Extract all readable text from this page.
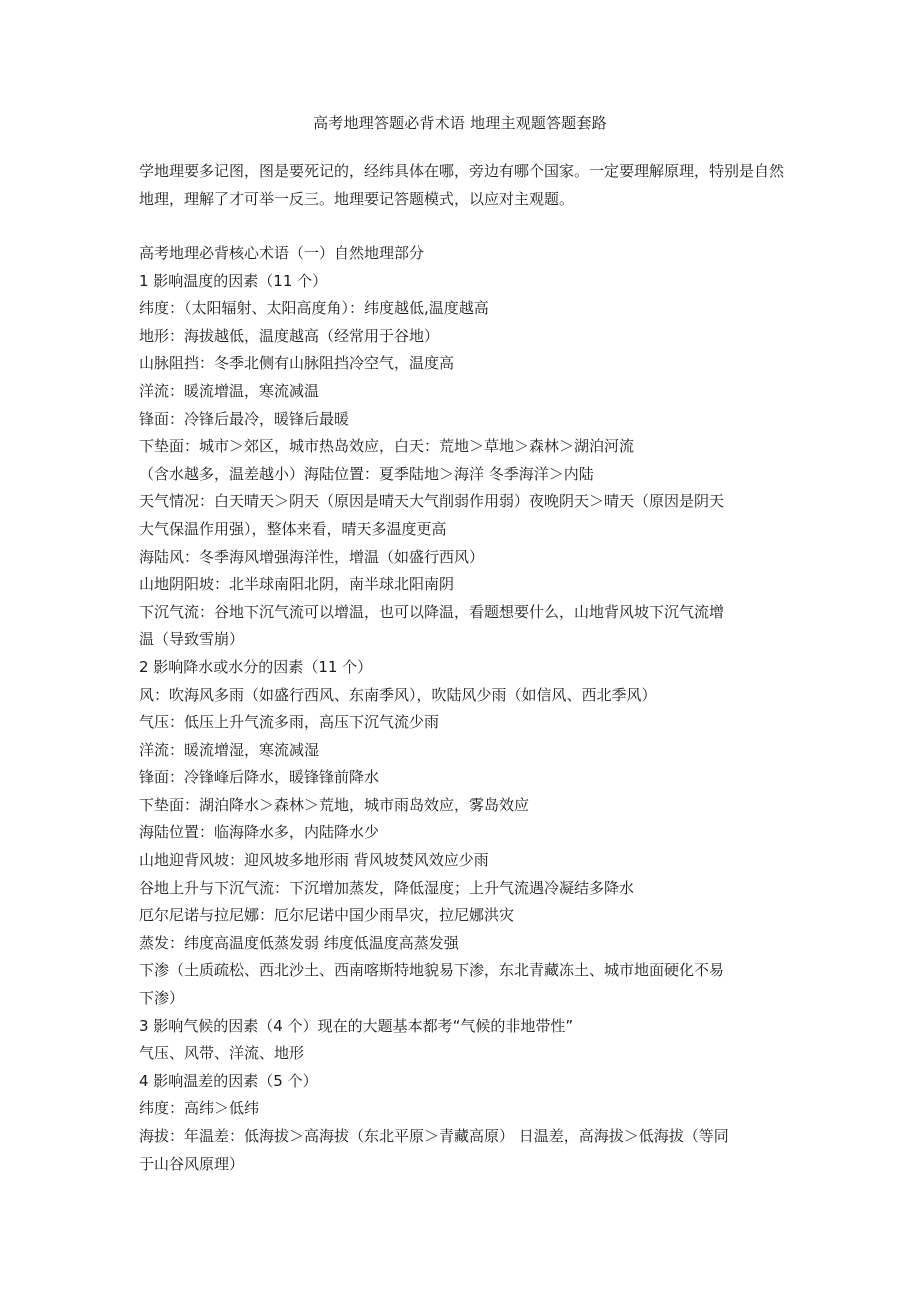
高考地理答题必背术语 地理主观题答题套路
学地理要多记图，图是要死记的，经纬具体在哪，旁边有哪个国家。一定要理解原理，特别是自然地理，理解了才可举一反三。地理要记答题模式，以应对主观题。
高考地理必背核心术语（一）自然地理部分
1 影响温度的因素（11 个）
纬度：（太阳辐射、太阳高度角）：纬度越低,温度越高
地形：海拔越低，温度越高（经常用于谷地）
山脉阻挡：冬季北侧有山脉阻挡冷空气，温度高
洋流：暖流增温，寒流减温
锋面：冷锋后最冷，暖锋后最暖
下垫面：城市＞郊区，城市热岛效应，白天：荒地＞草地＞森林＞湖泊河流
（含水越多，温差越小）海陆位置：夏季陆地＞海洋 冬季海洋＞内陆
天气情况：白天晴天＞阴天（原因是晴天大气削弱作用弱）夜晚阴天＞晴天（原因是阴天
大气保温作用强），整体来看，晴天多温度更高
海陆风：冬季海风增强海洋性，增温（如盛行西风）
山地阴阳坡：北半球南阳北阴，南半球北阳南阴
下沉气流：谷地下沉气流可以增温，也可以降温，看题想要什么，山地背风坡下沉气流增
温（导致雪崩）
2 影响降水或水分的因素（11 个）
风：吹海风多雨（如盛行西风、东南季风），吹陆风少雨（如信风、西北季风）
气压：低压上升气流多雨，高压下沉气流少雨
洋流：暖流增湿，寒流减湿
锋面：冷锋峰后降水，暖锋锋前降水
下垫面：湖泊降水＞森林＞荒地，城市雨岛效应，雾岛效应
海陆位置：临海降水多，内陆降水少
山地迎背风坡：迎风坡多地形雨 背风坡焚风效应少雨
谷地上升与下沉气流：下沉增加蒸发，降低湿度；上升气流遇冷凝结多降水
厄尔尼诺与拉尼娜：厄尔尼诺中国少雨旱灾，拉尼娜洪灾
蒸发：纬度高温度低蒸发弱 纬度低温度高蒸发强
下渗（土质疏松、西北沙土、西南喀斯特地貌易下渗，东北青藏冻土、城市地面硬化不易
下渗）
3 影响气候的因素（4 个）现在的大题基本都考“气候的非地带性”
气压、风带、洋流、地形
4 影响温差的因素（5 个）
纬度：高纬＞低纬
海拔：年温差：低海拔＞高海拔（东北平原＞青藏高原） 日温差，高海拔＞低海拔（等同
于山谷风原理）
